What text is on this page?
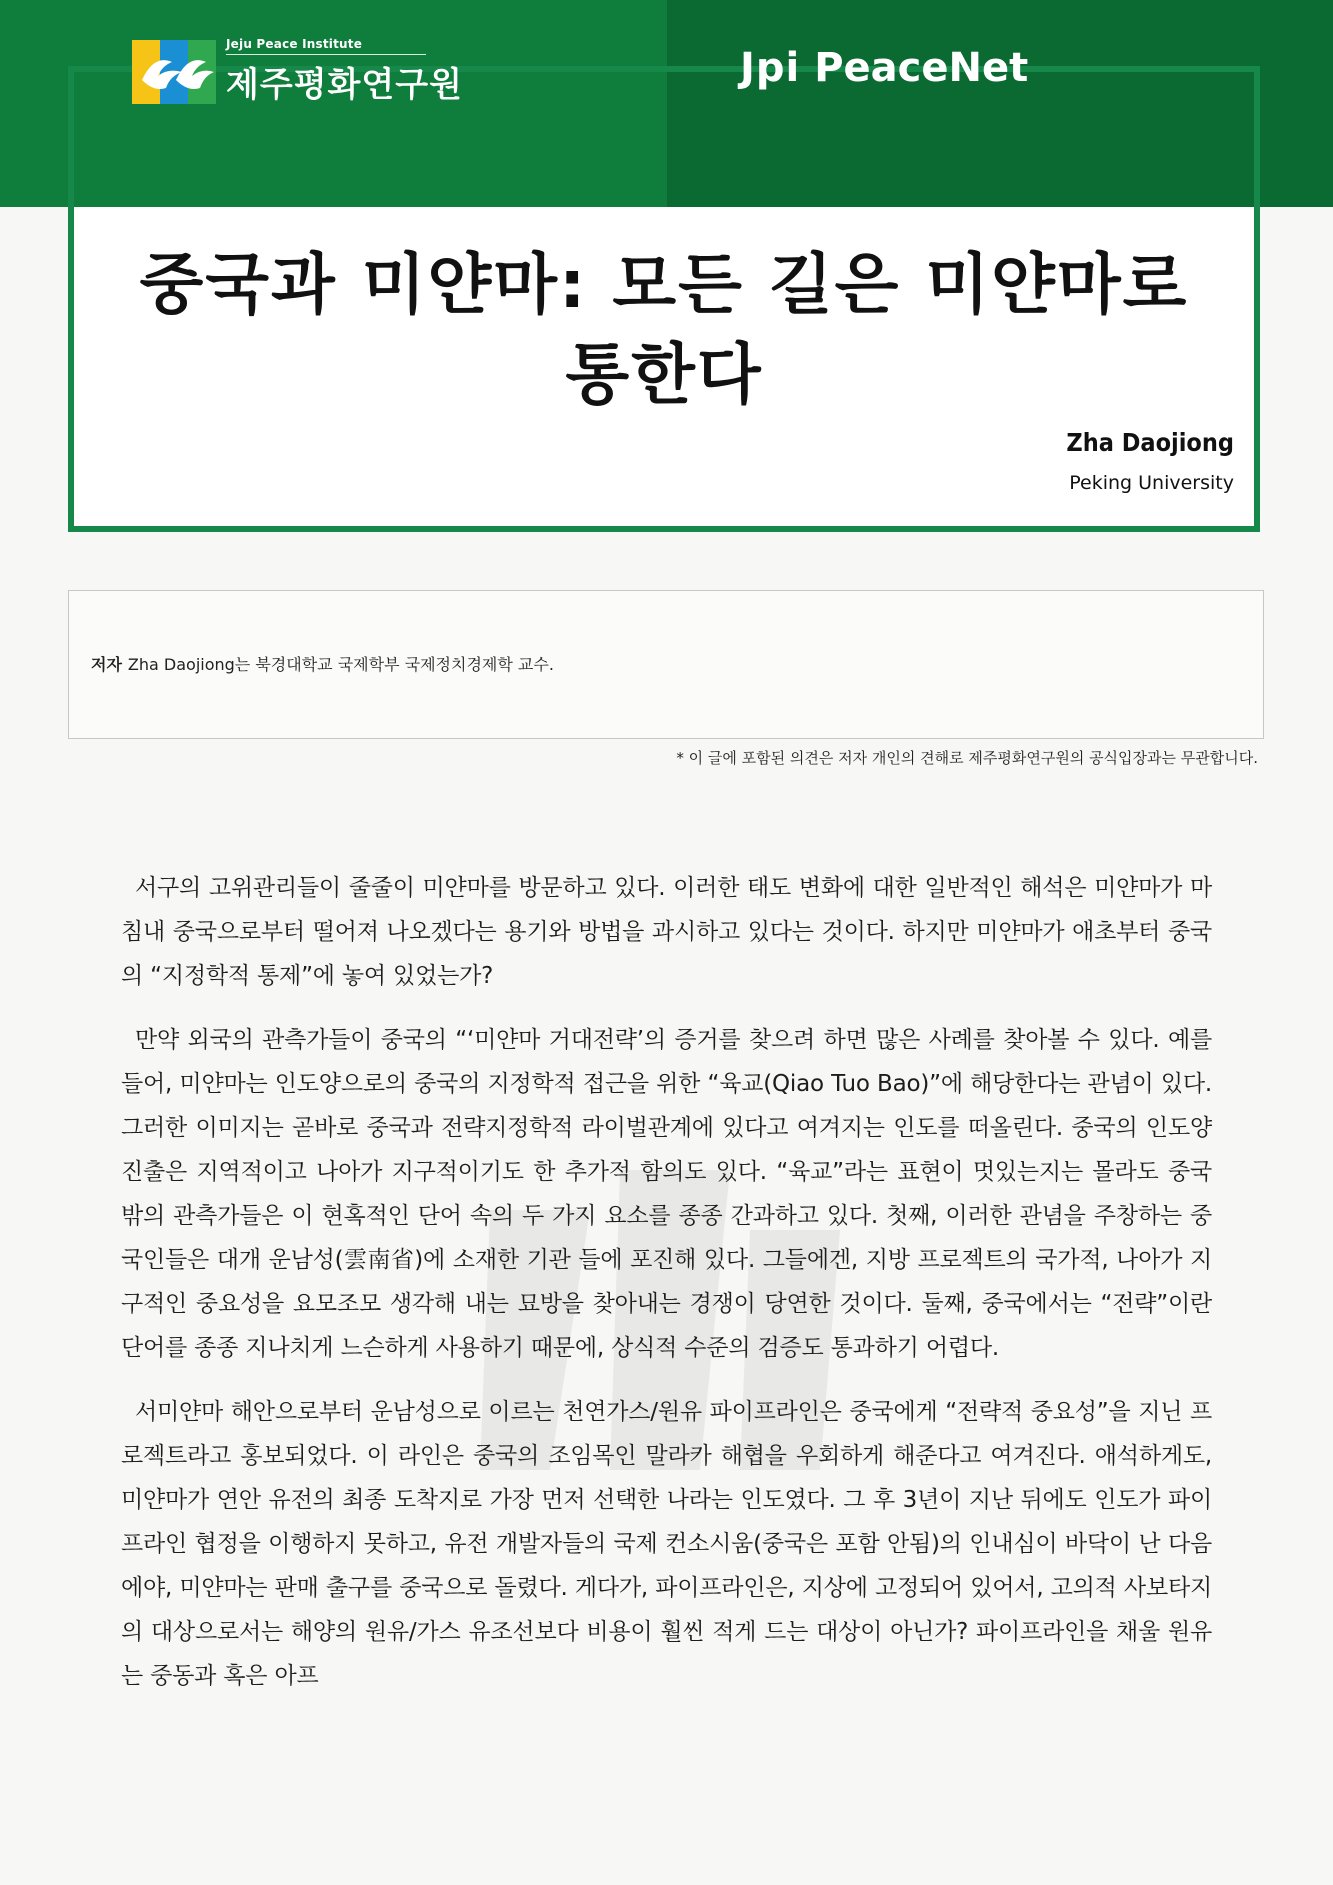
Jeju Peace Institute
제주평화연구원	Jpi PeaceNet
중국과 미얀마: 모든 길은 미얀마로
통한다
Zha Daojiong
Peking University
저자 Zha Daojiong는 북경대학교 국제학부 국제정치경제학 교수.
* 이 글에 포함된 의견은 저자 개인의 견해로 제주평화연구원의 공식입장과는 무관합니다.

서구의 고위관리들이 줄줄이 미얀마를 방문하고 있다. 이러한 태도 변화에 대한 일반적인 해석은 미얀마가 마침내 중국으로부터 떨어져 나오겠다는 용기와 방법을 과시하고 있다는 것이다. 하지만 미얀마가 애초부터 중국의 “지정학적 통제”에 놓여 있었는가?

만약 외국의 관측가들이 중국의 “‘미얀마 거대전략’의 증거를 찾으려 하면 많은 사례를 찾아볼 수 있다. 예를 들어, 미얀마는 인도양으로의 중국의 지정학적 접근을 위한 “육교(Qiao Tuo Bao)”에 해당한다는 관념이 있다. 그러한 이미지는 곧바로 중국과 전략지정학적 라이벌관계에 있다고 여겨지는 인도를 떠올린다. 중국의 인도양 진출은 지역적이고 나아가 지구적이기도 한 추가적 함의도 있다. “육교”라는 표현이 멋있는지는 몰라도 중국 밖의 관측가들은 이 현혹적인 단어 속의 두 가지 요소를 종종 간과하고 있다. 첫째, 이러한 관념을 주창하는 중국인들은 대개 운남성(雲南省)에 소재한 기관 들에 포진해 있다. 그들에겐, 지방 프로젝트의 국가적, 나아가 지구적인 중요성을 요모조모 생각해 내는 묘방을 찾아내는 경쟁이 당연한 것이다. 둘째, 중국에서는 “전략”이란 단어를 종종 지나치게 느슨하게 사용하기 때문에, 상식적 수준의 검증도 통과하기 어렵다.

서미얀마 해안으로부터 운남성으로 이르는 천연가스/원유 파이프라인은 중국에게 “전략적 중요성”을 지닌 프로젝트라고 홍보되었다. 이 라인은 중국의 조임목인 말라카 해협을 우회하게 해준다고 여겨진다. 애석하게도, 미얀마가 연안 유전의 최종 도착지로 가장 먼저 선택한 나라는 인도였다. 그 후 3년이 지난 뒤에도 인도가 파이프라인 협정을 이행하지 못하고, 유전 개발자들의 국제 컨소시움(중국은 포함 안됨)의 인내심이 바닥이 난 다음에야, 미얀마는 판매 출구를 중국으로 돌렸다. 게다가, 파이프라인은, 지상에 고정되어 있어서, 고의적 사보타지의 대상으로서는 해양의 원유/가스 유조선보다 비용이 훨씬 적게 드는 대상이 아닌가? 파이프라인을 채울 원유는 중동과 혹은 아프
